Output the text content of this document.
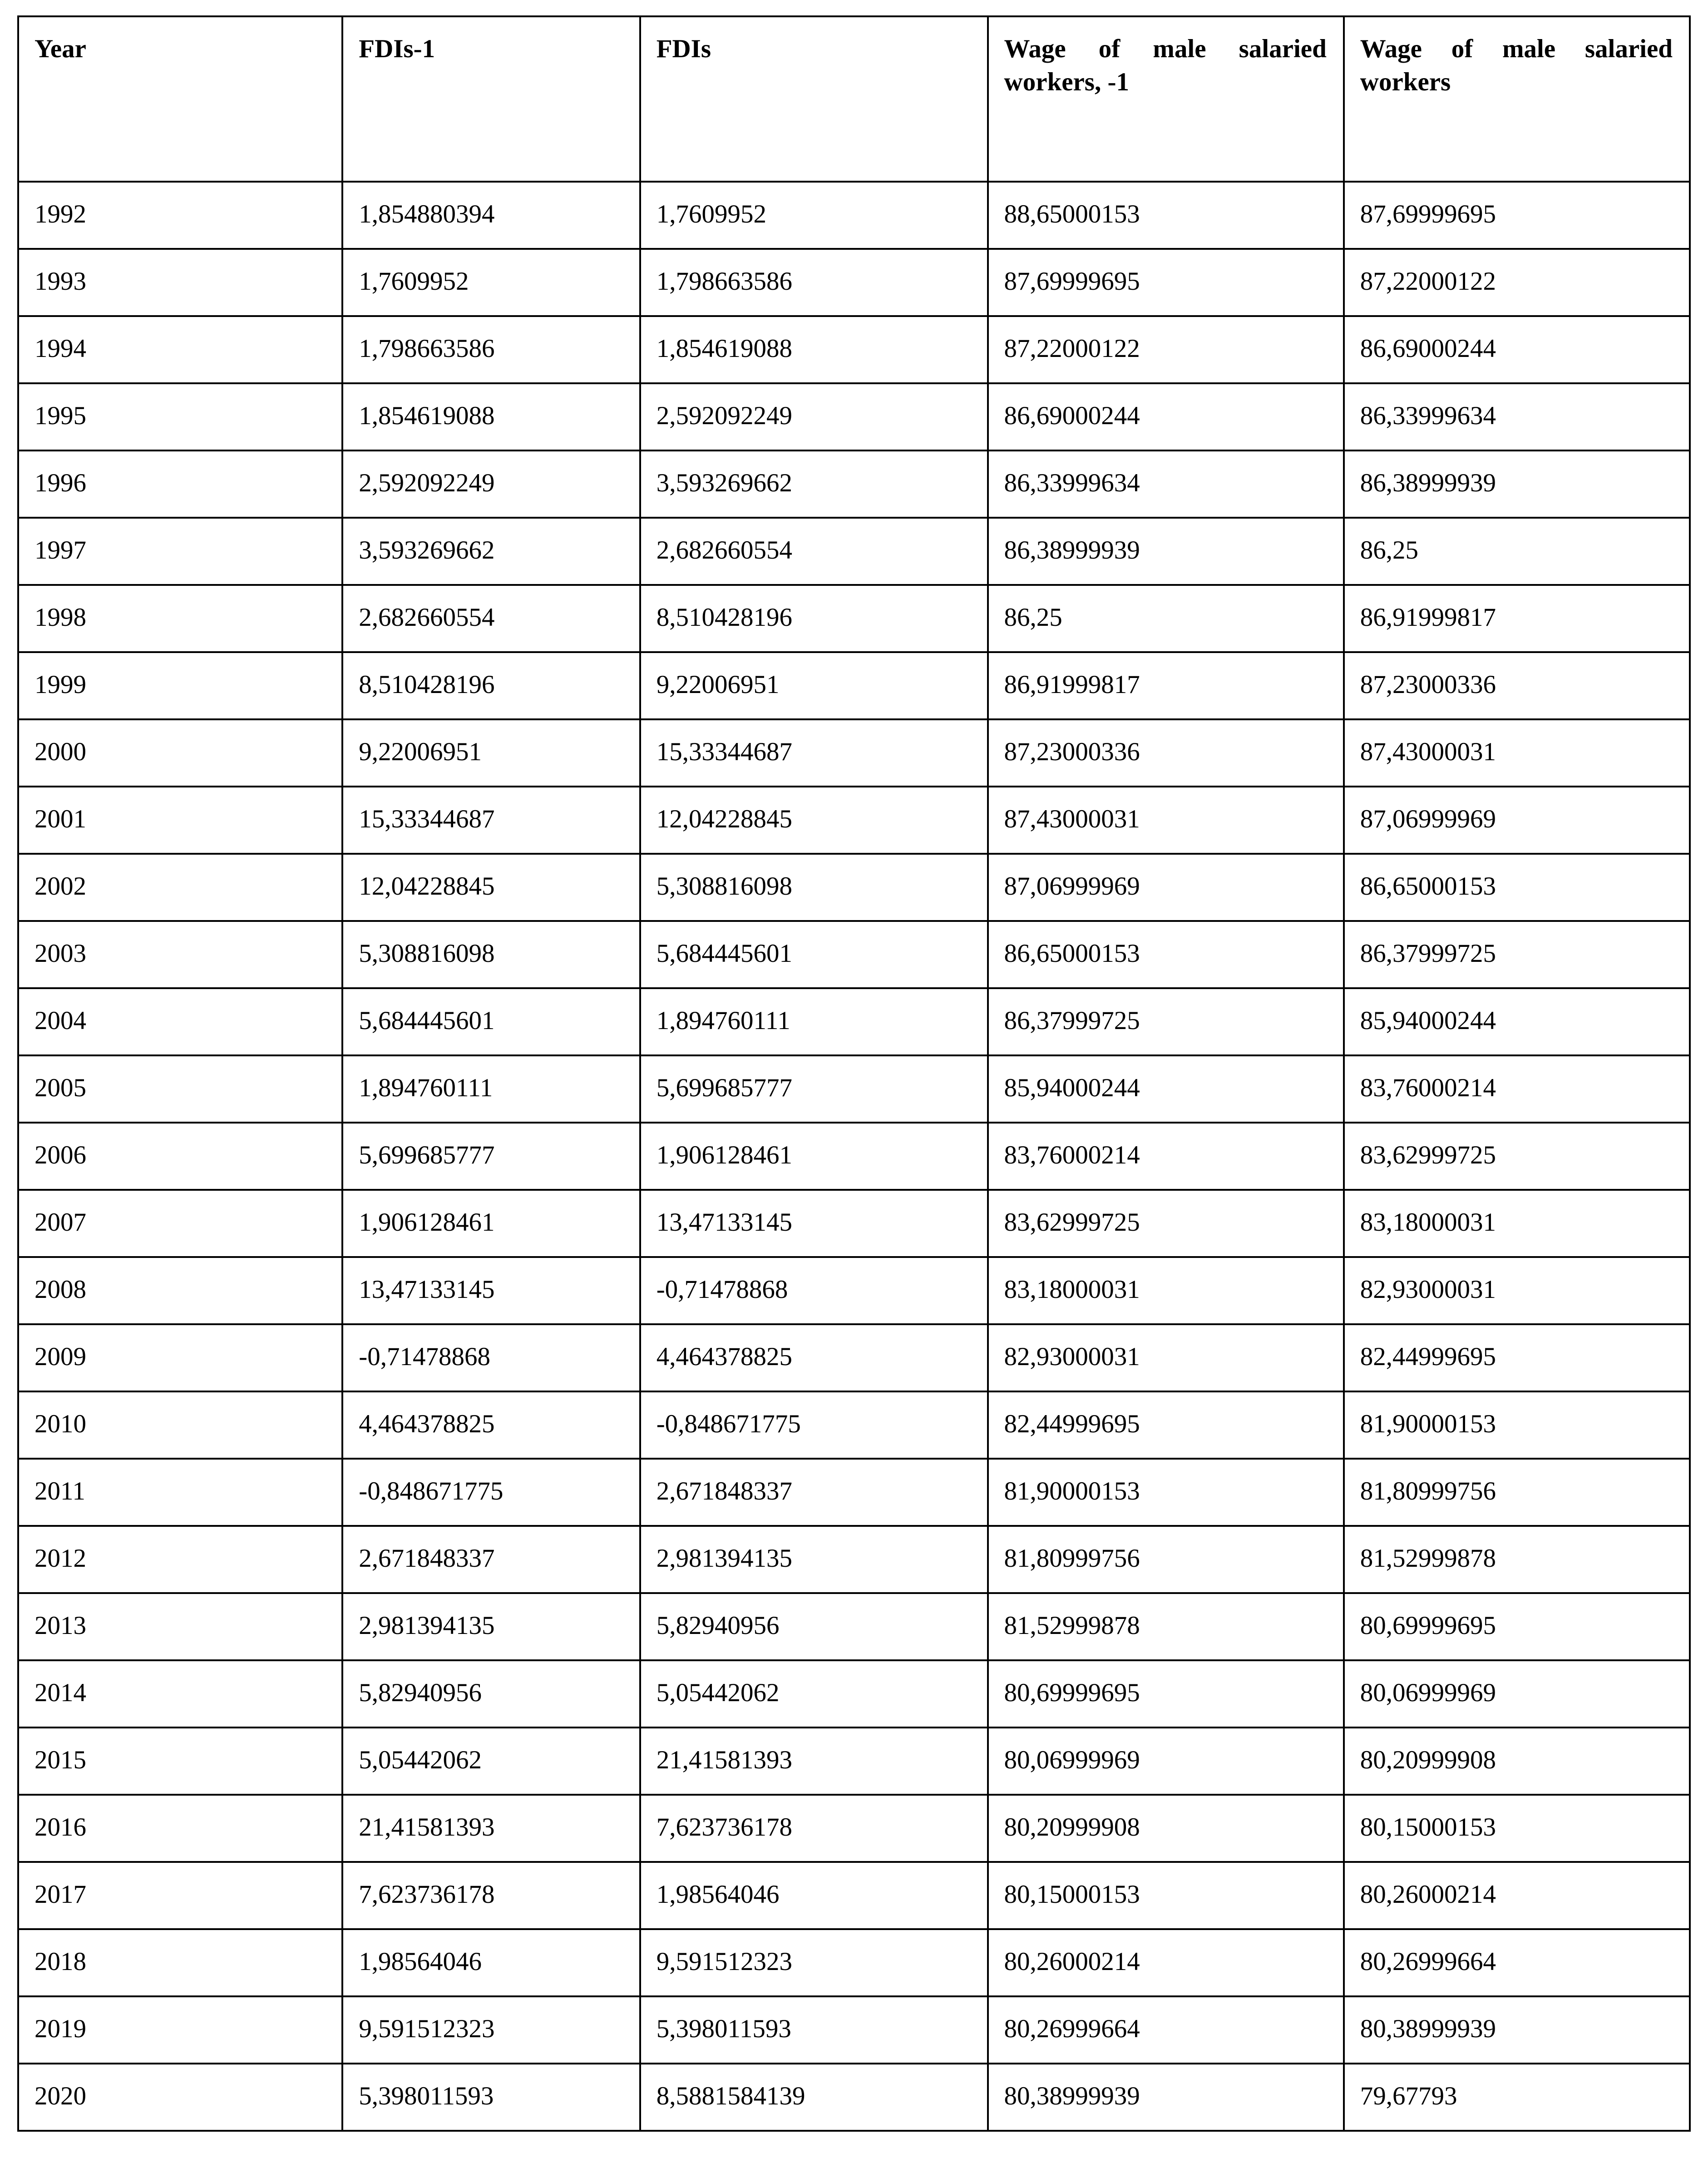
Year	FDIs-1	FDIs	Wage of male salaried workers, -1	Wage of male salaried workers
1992	1,854880394	1,7609952	88,65000153	87,69999695
1993	1,7609952	1,798663586	87,69999695	87,22000122
1994	1,798663586	1,854619088	87,22000122	86,69000244
1995	1,854619088	2,592092249	86,69000244	86,33999634
1996	2,592092249	3,593269662	86,33999634	86,38999939
1997	3,593269662	2,682660554	86,38999939	86,25
1998	2,682660554	8,510428196	86,25	86,91999817
1999	8,510428196	9,22006951	86,91999817	87,23000336
2000	9,22006951	15,33344687	87,23000336	87,43000031
2001	15,33344687	12,04228845	87,43000031	87,06999969
2002	12,04228845	5,308816098	87,06999969	86,65000153
2003	5,308816098	5,684445601	86,65000153	86,37999725
2004	5,684445601	1,894760111	86,37999725	85,94000244
2005	1,894760111	5,699685777	85,94000244	83,76000214
2006	5,699685777	1,906128461	83,76000214	83,62999725
2007	1,906128461	13,47133145	83,62999725	83,18000031
2008	13,47133145	-0,71478868	83,18000031	82,93000031
2009	-0,71478868	4,464378825	82,93000031	82,44999695
2010	4,464378825	-0,848671775	82,44999695	81,90000153
2011	-0,848671775	2,671848337	81,90000153	81,80999756
2012	2,671848337	2,981394135	81,80999756	81,52999878
2013	2,981394135	5,82940956	81,52999878	80,69999695
2014	5,82940956	5,05442062	80,69999695	80,06999969
2015	5,05442062	21,41581393	80,06999969	80,20999908
2016	21,41581393	7,623736178	80,20999908	80,15000153
2017	7,623736178	1,98564046	80,15000153	80,26000214
2018	1,98564046	9,591512323	80,26000214	80,26999664
2019	9,591512323	5,398011593	80,26999664	80,38999939
2020	5,398011593	8,5881584139	80,38999939	79,67793
